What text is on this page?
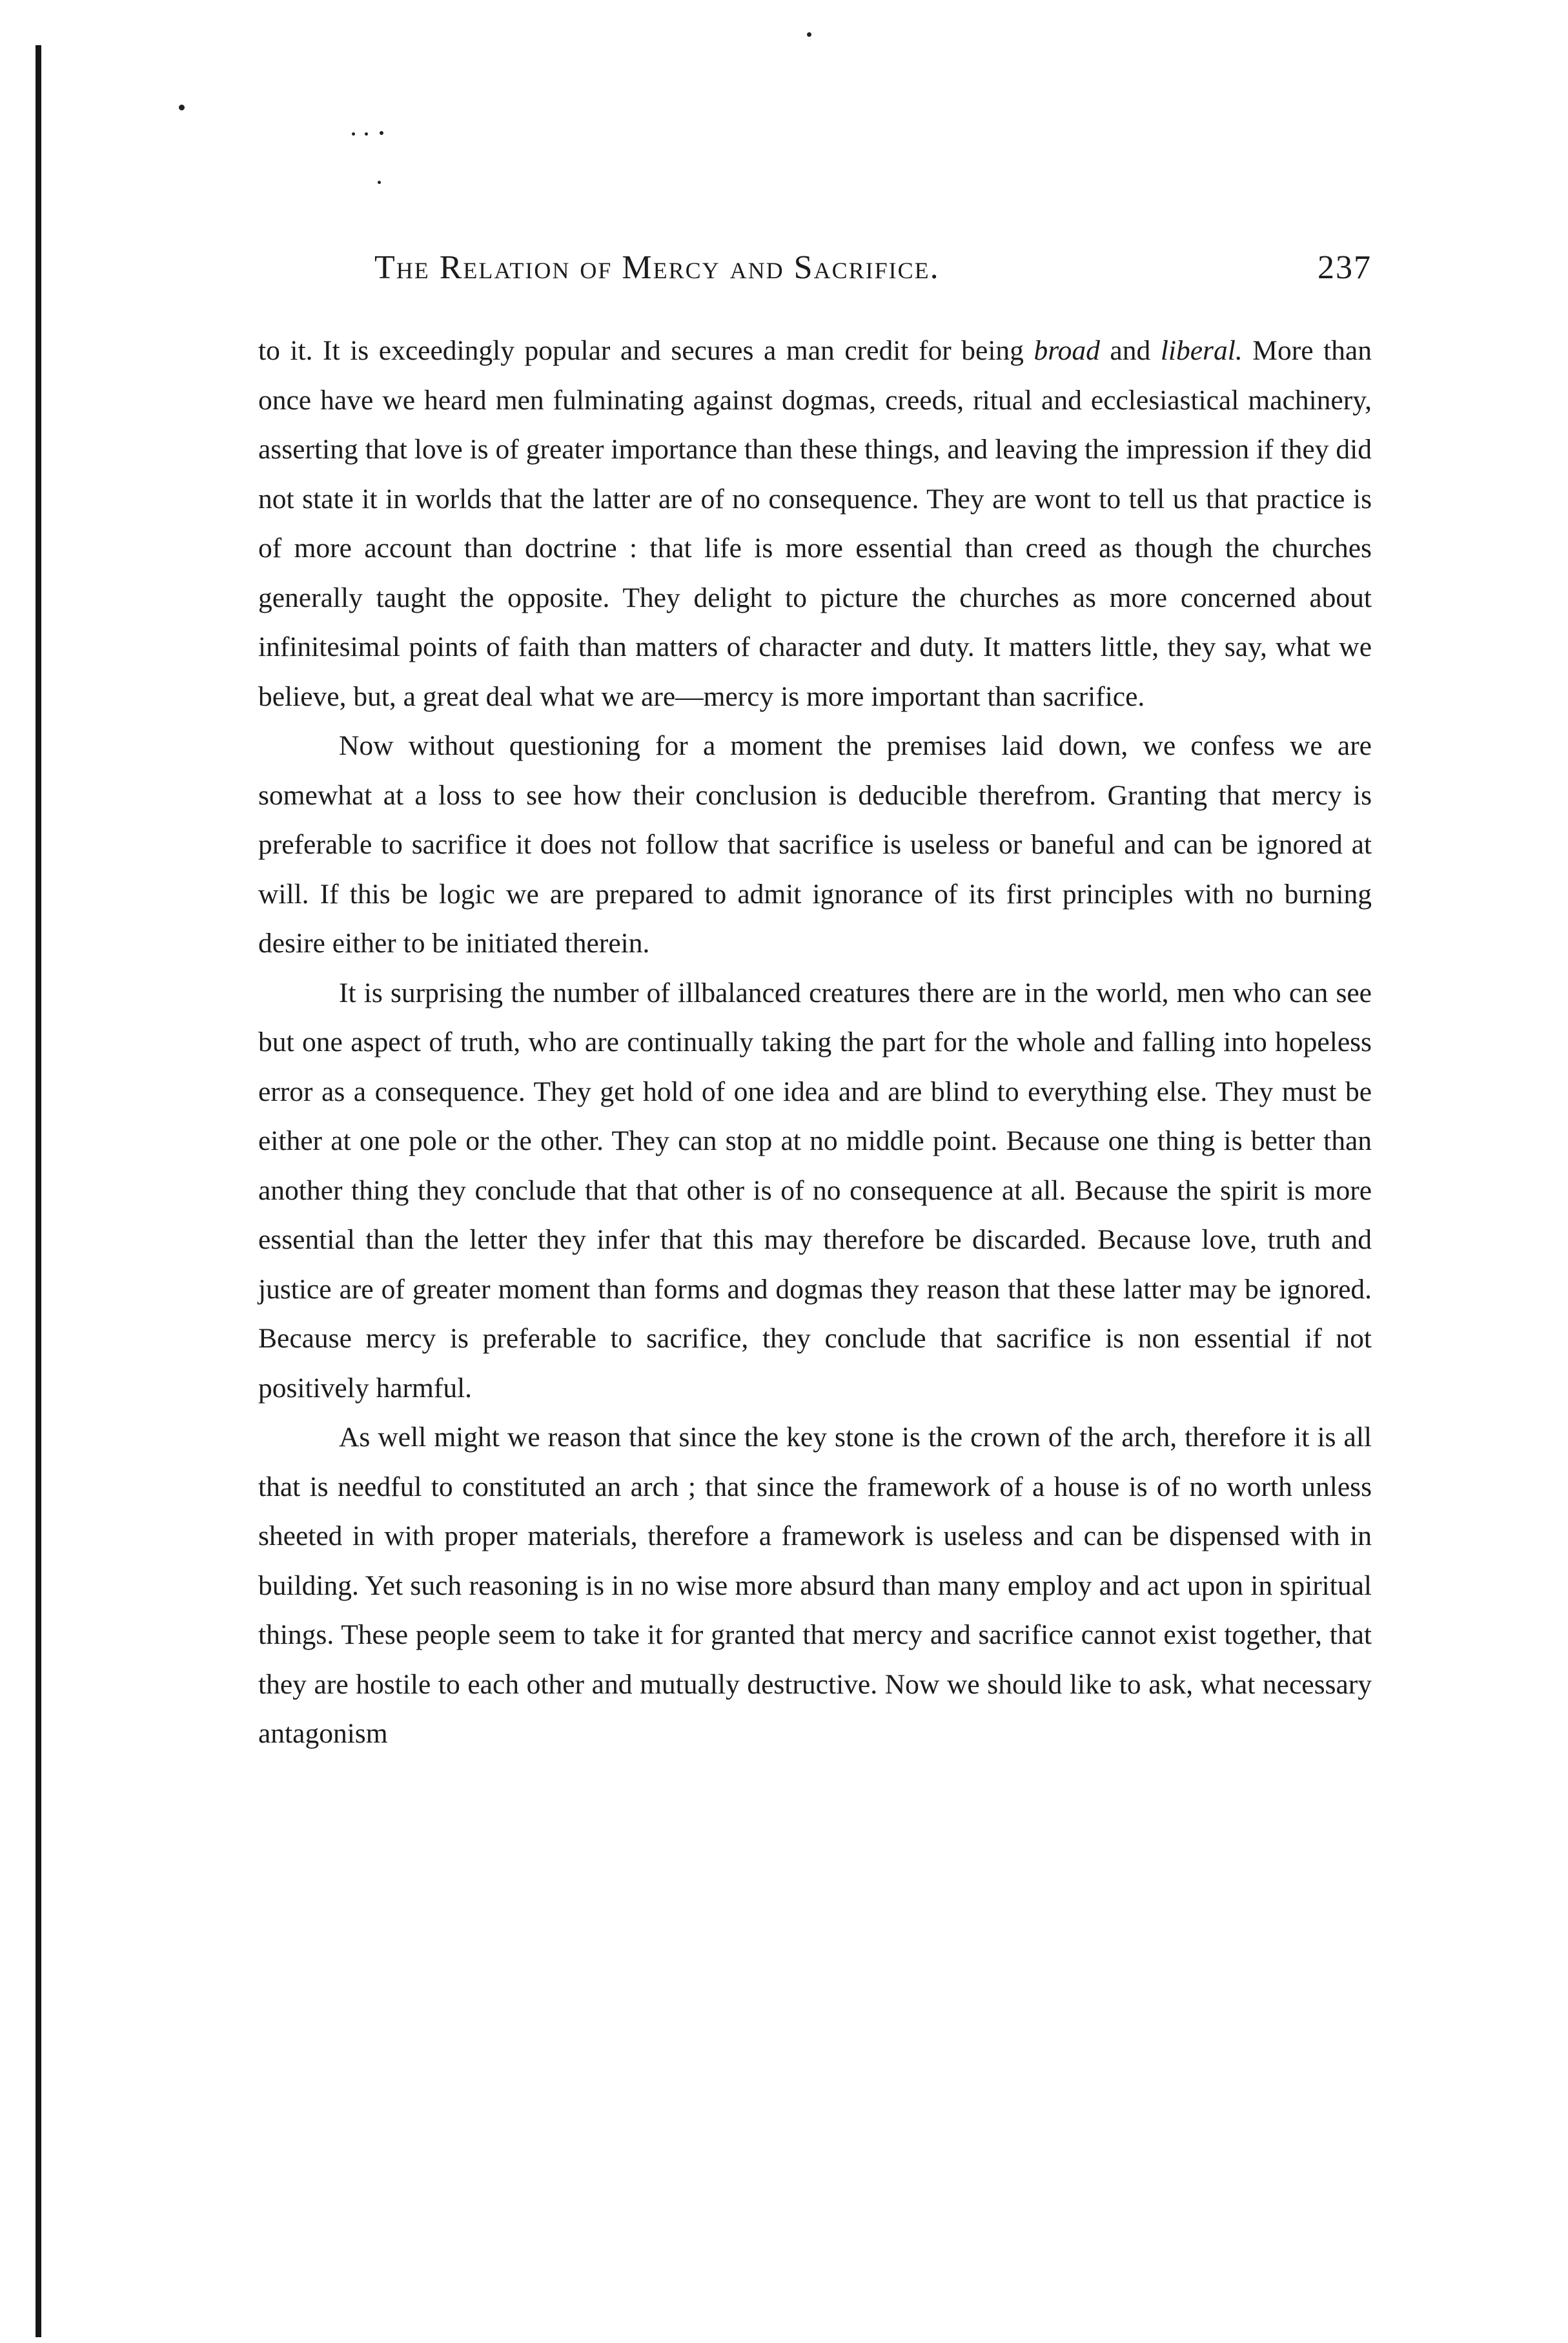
The Relation of Mercy and Sacrifice.	237

to it. It is exceedingly popular and secures a man credit for being broad and liberal. More than once have we heard men fulminating against dogmas, creeds, ritual and ecclesiastical machinery, asserting that love is of greater importance than these things, and leaving the impression if they did not state it in worlds that the latter are of no consequence. They are wont to tell us that practice is of more account than doctrine : that life is more essential than creed as though the churches generally taught the opposite. They delight to picture the churches as more concerned about infinitesimal points of faith than matters of character and duty. It matters little, they say, what we believe, but, a great deal what we are—mercy is more important than sacrifice.

Now without questioning for a moment the premises laid down, we confess we are somewhat at a loss to see how their conclusion is deducible therefrom. Granting that mercy is preferable to sacrifice it does not follow that sacrifice is useless or baneful and can be ignored at will. If this be logic we are prepared to admit ignorance of its first principles with no burning desire either to be initiated therein.

It is surprising the number of illbalanced creatures there are in the world, men who can see but one aspect of truth, who are continually taking the part for the whole and falling into hopeless error as a consequence. They get hold of one idea and are blind to everything else. They must be either at one pole or the other. They can stop at no middle point. Because one thing is better than another thing they conclude that that other is of no consequence at all. Because the spirit is more essential than the letter they infer that this may therefore be discarded. Because love, truth and justice are of greater moment than forms and dogmas they reason that these latter may be ignored. Because mercy is preferable to sacrifice, they conclude that sacrifice is non essential if not positively harmful.

As well might we reason that since the key stone is the crown of the arch, therefore it is all that is needful to constituted an arch ; that since the framework of a house is of no worth unless sheeted in with proper materials, therefore a framework is useless and can be dispensed with in building. Yet such reasoning is in no wise more absurd than many employ and act upon in spiritual things. These people seem to take it for granted that mercy and sacrifice cannot exist together, that they are hostile to each other and mutually destructive. Now we should like to ask, what necessary antagonism
